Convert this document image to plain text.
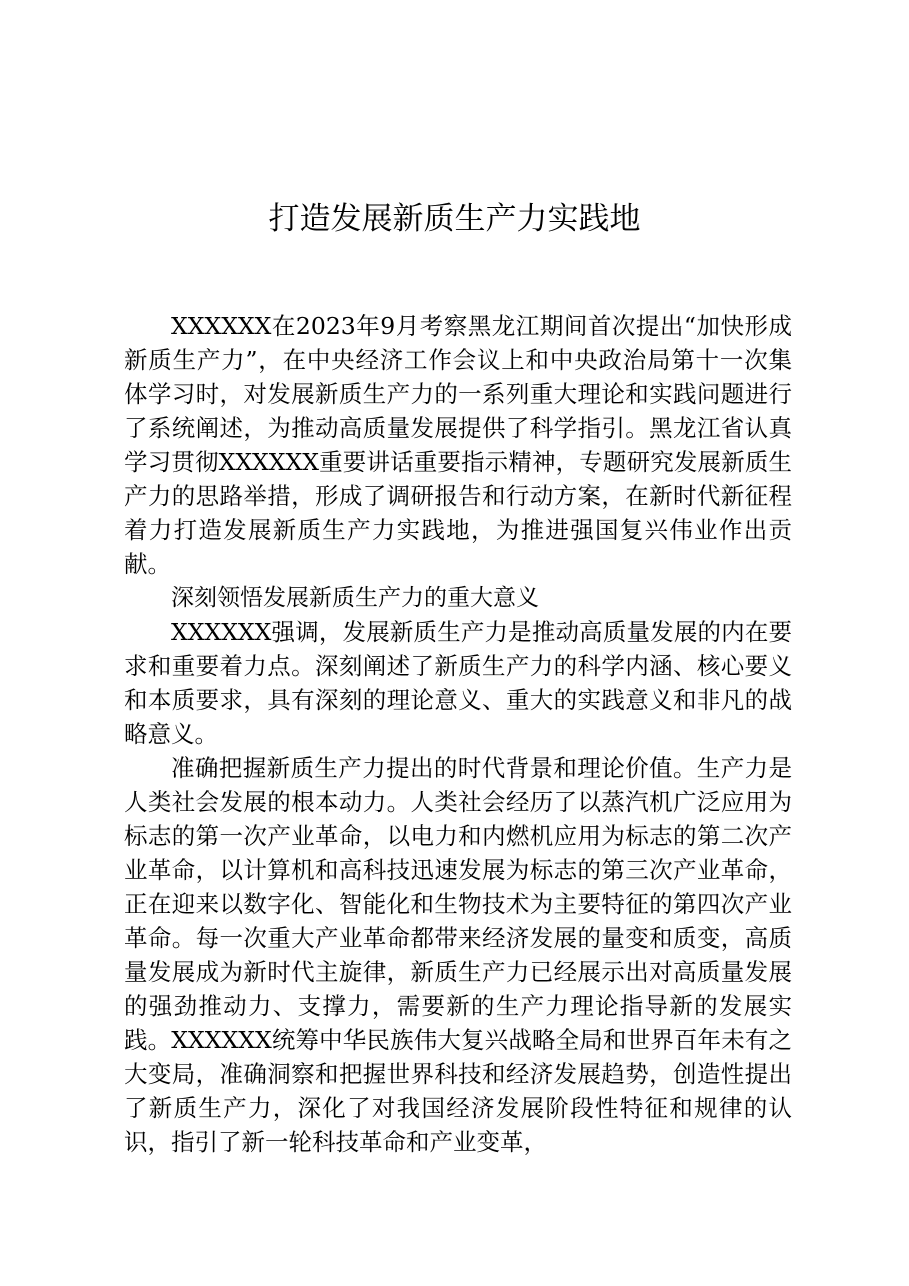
打造发展新质生产力实践地

XXXXXX在2023年9月考察黑龙江期间首次提出“加快形成新质生产力”，在中央经济工作会议上和中央政治局第十一次集体学习时，对发展新质生产力的一系列重大理论和实践问题进行了系统阐述，为推动高质量发展提供了科学指引。黑龙江省认真学习贯彻XXXXXX重要讲话重要指示精神，专题研究发展新质生产力的思路举措，形成了调研报告和行动方案，在新时代新征程着力打造发展新质生产力实践地，为推进强国复兴伟业作出贡献。

深刻领悟发展新质生产力的重大意义

XXXXXX强调，发展新质生产力是推动高质量发展的内在要求和重要着力点。深刻阐述了新质生产力的科学内涵、核心要义和本质要求，具有深刻的理论意义、重大的实践意义和非凡的战略意义。

准确把握新质生产力提出的时代背景和理论价值。生产力是人类社会发展的根本动力。人类社会经历了以蒸汽机广泛应用为标志的第一次产业革命，以电力和内燃机应用为标志的第二次产业革命，以计算机和高科技迅速发展为标志的第三次产业革命，正在迎来以数字化、智能化和生物技术为主要特征的第四次产业革命。每一次重大产业革命都带来经济发展的量变和质变，高质量发展成为新时代主旋律，新质生产力已经展示出对高质量发展的强劲推动力、支撑力，需要新的生产力理论指导新的发展实践。XXXXXX统筹中华民族伟大复兴战略全局和世界百年未有之大变局，准确洞察和把握世界科技和经济发展趋势，创造性提出了新质生产力，深化了对我国经济发展阶段性特征和规律的认识，指引了新一轮科技革命和产业变革，
